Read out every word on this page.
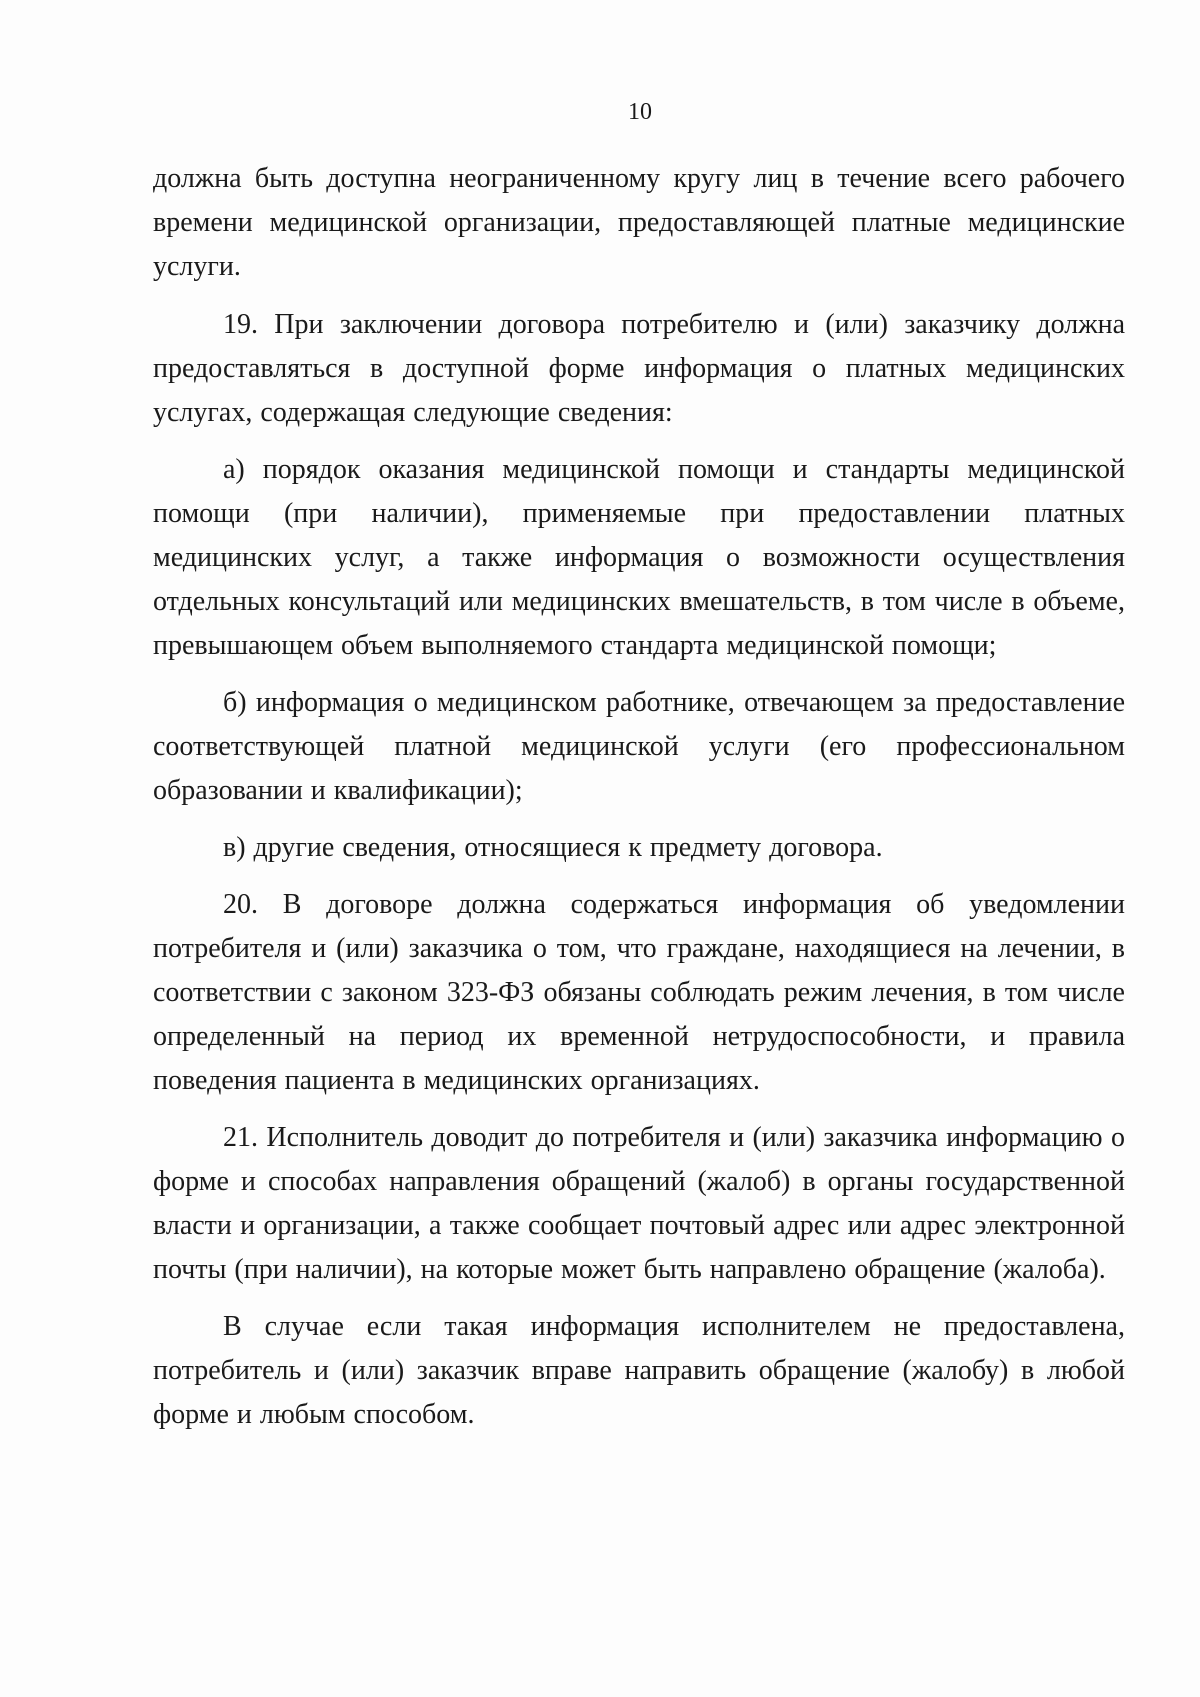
10

должна быть доступна неограниченному кругу лиц в течение всего рабочего времени медицинской организации, предоставляющей платные медицинские услуги.

19. При заключении договора потребителю и (или) заказчику должна предоставляться в доступной форме информация о платных медицинских услугах, содержащая следующие сведения:

а) порядок оказания медицинской помощи и стандарты медицинской помощи (при наличии), применяемые при предоставлении платных медицинских услуг, а также информация о возможности осуществления отдельных консультаций или медицинских вмешательств, в том числе в объеме, превышающем объем выполняемого стандарта медицинской помощи;

б) информация о медицинском работнике, отвечающем за предоставление соответствующей платной медицинской услуги (его профессиональном образовании и квалификации);

в) другие сведения, относящиеся к предмету договора.

20. В договоре должна содержаться информация об уведомлении потребителя и (или) заказчика о том, что граждане, находящиеся на лечении, в соответствии с законом 323-ФЗ обязаны соблюдать режим лечения, в том числе определенный на период их временной нетрудоспособности, и правила поведения пациента в медицинских организациях.

21. Исполнитель доводит до потребителя и (или) заказчика информацию о форме и способах направления обращений (жалоб) в органы государственной власти и организации, а также сообщает почтовый адрес или адрес электронной почты (при наличии), на которые может быть направлено обращение (жалоба).

В случае если такая информация исполнителем не предоставлена, потребитель и (или) заказчик вправе направить обращение (жалобу) в любой форме и любым способом.
